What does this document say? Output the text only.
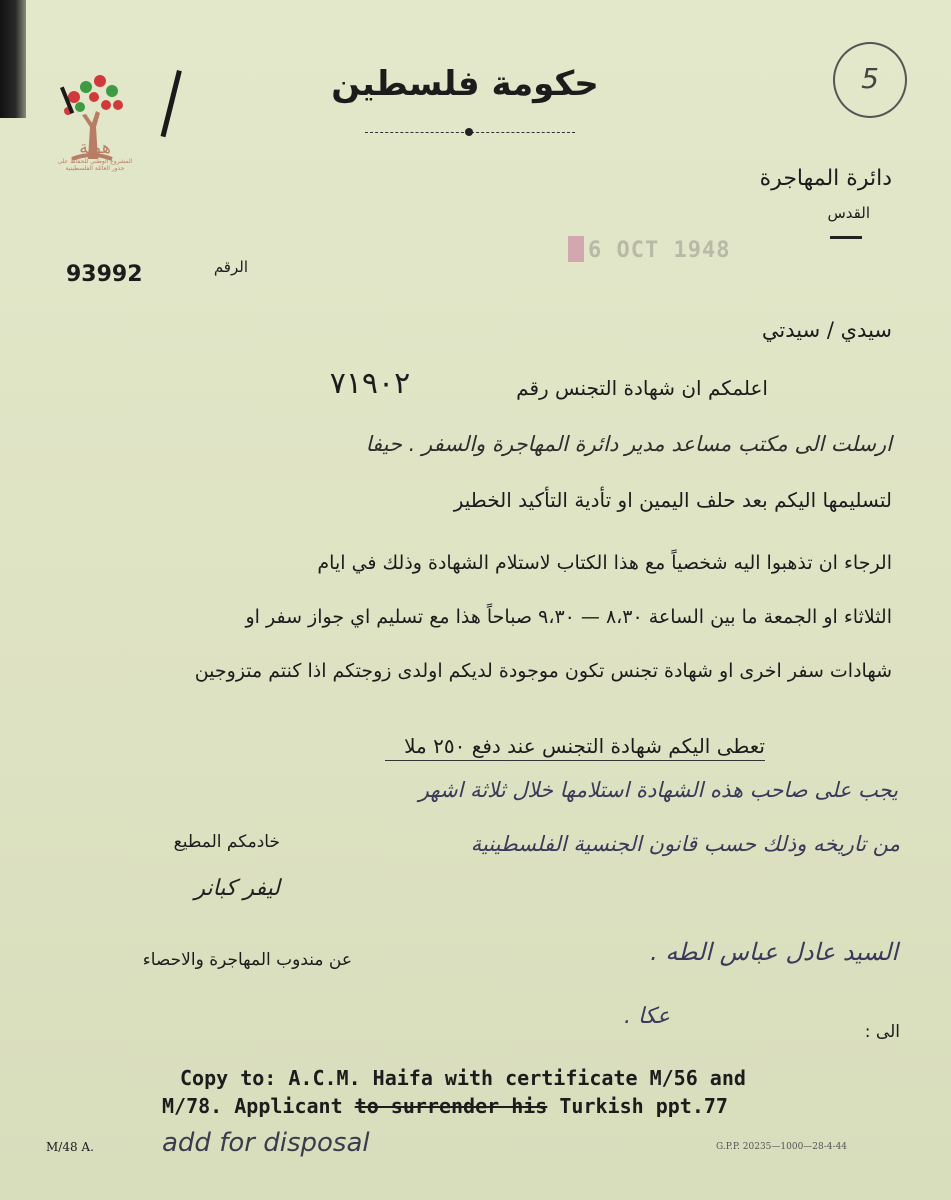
هوية
المشروع الوطني للحفاظ على
جذور العائلة الفلسطينية
حكومة فلسطين	5
دائرة المهاجرة
القدس
الرقم
93992
6 OCT 1948
سيدي / سيدتي
اعلمكم ان شهادة التجنس رقم
٧١٩٠٢
ارسلت الى مكتب مساعد مدير دائرة المهاجرة والسفر . حيفا
لتسليمها اليكم بعد حلف اليمين او تأدية التأكيد الخطير
الرجاء ان تذهبوا اليه شخصياً مع هذا الكتاب لاستلام الشهادة وذلك في ايام
الثلاثاء او الجمعة ما بين الساعة ٨،٣٠ — ٩،٣٠ صباحاً هذا مع تسليم اي جواز سفر او
شهادات سفر اخرى او شهادة تجنس تكون موجودة لديكم اولدى زوجتكم اذا كنتم متزوجين
تعطى اليكم شهادة التجنس عند دفع ٢٥٠ ملا
يجب على صاحب هذه الشهادة استلامها خلال ثلاثة اشهر
من تاريخه وذلك حسب قانون الجنسية الفلسطينية
خادمكم المطيع
ليفر كبانر
عن مندوب المهاجرة والاحصاء	السيد عادل عباس الطه .
عكا .
الى :
Copy to: A.C.M. Haifa with certificate M/56 and
M/78. Applicant to surrender his Turkish ppt.77
M/48 A.	add for disposal	G.P.P. 20235—1000—28-4-44
